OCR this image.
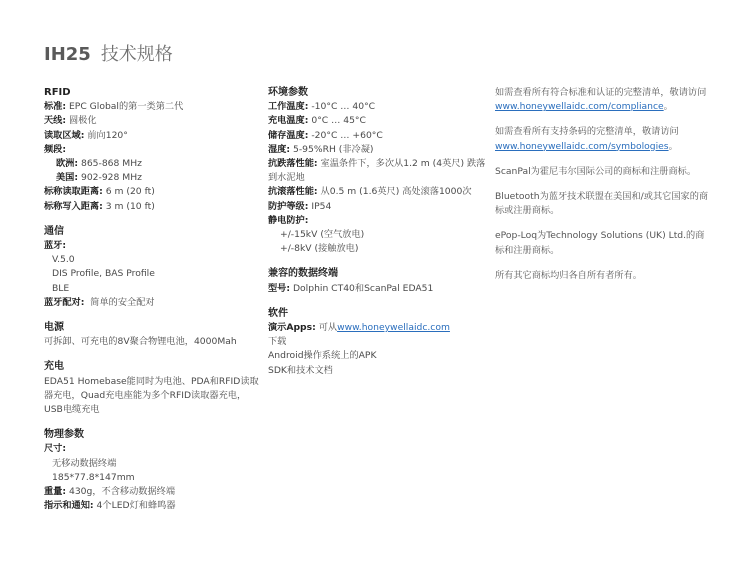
IH25 技术规格
RFID
标准: EPC Global的第一类第二代
天线: 圆极化
读取区域: 前向120°
频段:
欧洲: 865-868 MHz
美国: 902-928 MHz
标称读取距离: 6 m (20 ft)
标称写入距离: 3 m (10 ft)
通信
蓝牙:
V.5.0
DIS Profile, BAS Profile
BLE
蓝牙配对: 简单的安全配对
电源
可拆卸、可充电的8V聚合物锂电池，4000Mah
充电
EDA51 Homebase能同时为电池、PDA和RFID读取器充电，Quad充电座能为多个RFID读取器充电，USB电缆充电
物理参数
尺寸:
无移动数据终端
185*77.8*147mm
重量: 430g，不含移动数据终端
指示和通知: 4个LED灯和蜂鸣器
环境参数
工作温度: -10°C … 40°C
充电温度: 0°C … 45°C
储存温度: -20°C … +60°C
湿度: 5-95%RH (非冷凝)
抗跌落性能: 室温条件下，多次从1.2 m (4英尺) 跌落到水泥地
抗滚落性能: 从0.5 m (1.6英尺) 高处滚落1000次
防护等级: IP54
静电防护:
+/-15kV (空气放电)
+/-8kV (接触放电)
兼容的数据终端
型号: Dolphin CT40和ScanPal EDA51
软件
演示Apps: 可从www.honeywellaidc.com
下载
Android操作系统上的APK
SDK和技术文档
如需查看所有符合标准和认证的完整清单，敬请访问www.honeywellaidc.com/compliance。
如需查看所有支持条码的完整清单，敬请访问www.honeywellaidc.com/symbologies。
ScanPal为霍尼韦尔国际公司的商标和注册商标。
Bluetooth为蓝牙技术联盟在美国和/或其它国家的商标或注册商标。
ePop-Loq为Technology Solutions (UK) Ltd.的商标和注册商标。
所有其它商标均归各自所有者所有。
